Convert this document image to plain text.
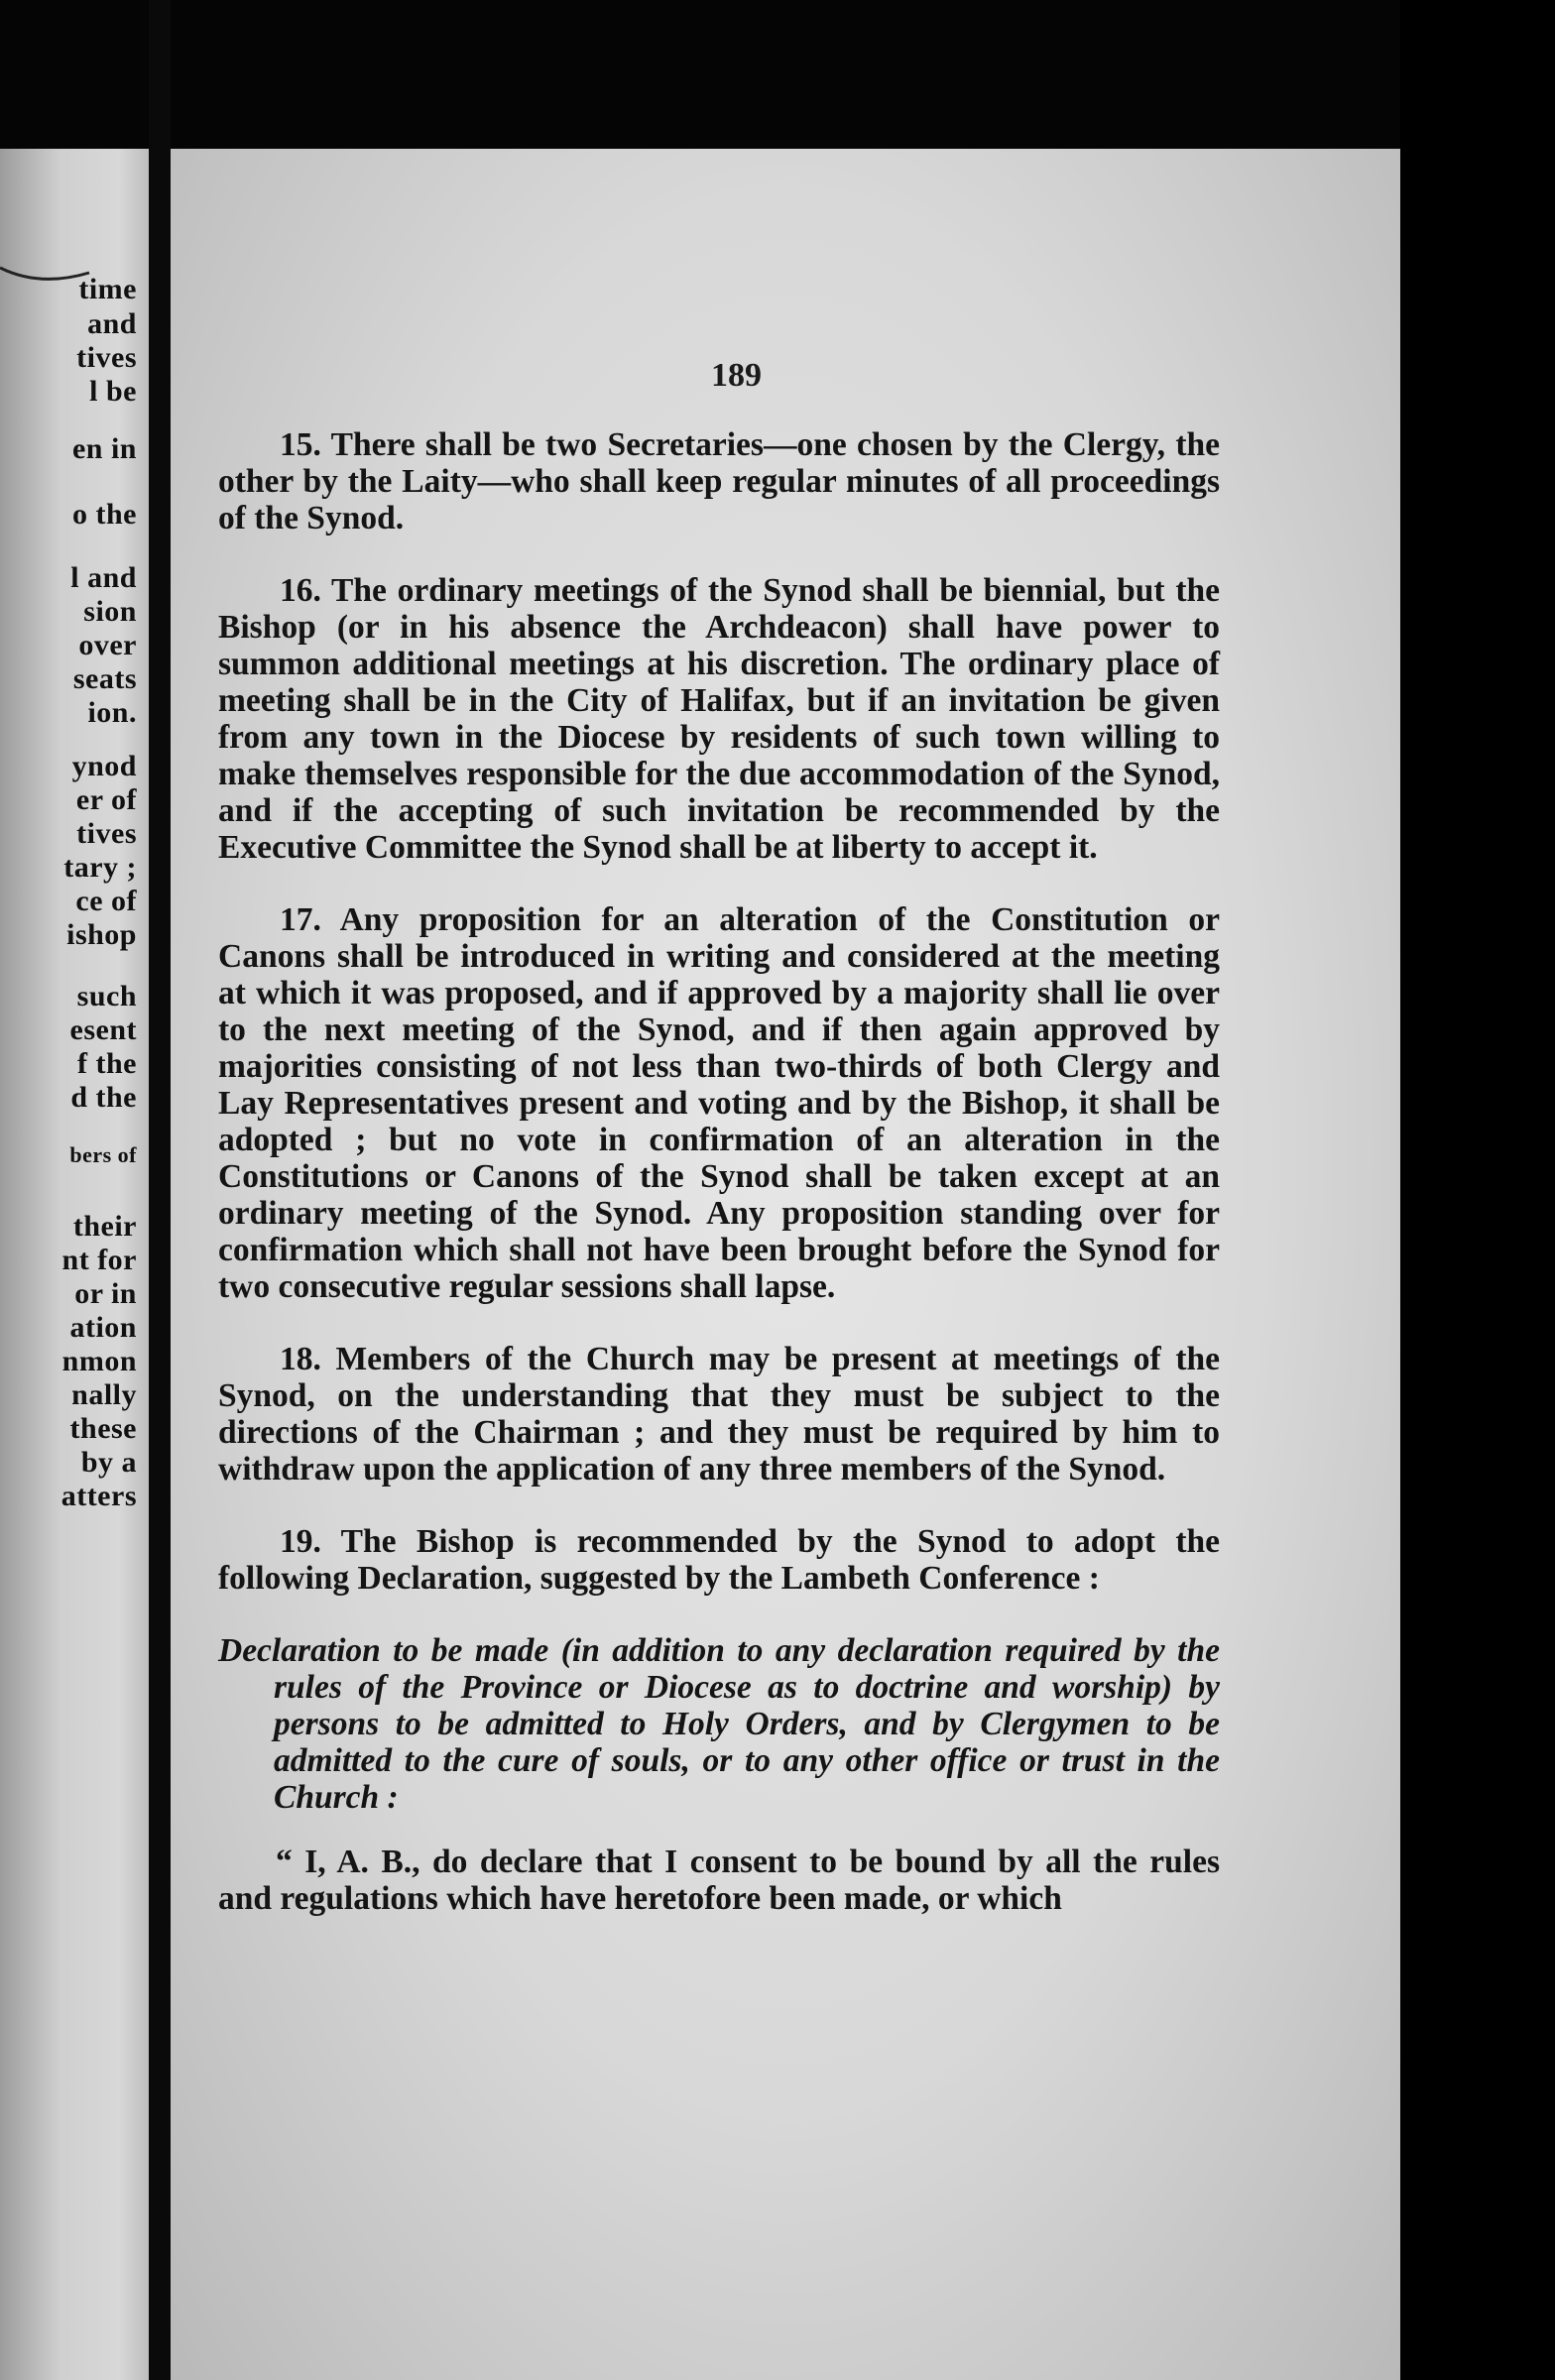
time
and
tives
l be
en in
o the
l and
sion
over
seats
ion.
ynod
er of
tives
tary ;
ce of
ishop
such
esent
f the
d the
bers of
their
nt for
or in
ation
nmon
nally
these
by a
atters
189

15. There shall be two Secretaries—one chosen by the Clergy, the other by the Laity—who shall keep regular minutes of all proceedings of the Synod.

16. The ordinary meetings of the Synod shall be biennial, but the Bishop (or in his absence the Archdeacon) shall have power to summon additional meetings at his discretion. The ordinary place of meeting shall be in the City of Halifax, but if an invitation be given from any town in the Diocese by residents of such town willing to make themselves responsible for the due accommodation of the Synod, and if the accepting of such invitation be recommended by the Executive Committee the Synod shall be at liberty to accept it.

17. Any proposition for an alteration of the Constitution or Canons shall be introduced in writing and considered at the meeting at which it was proposed, and if approved by a majority shall lie over to the next meeting of the Synod, and if then again approved by majorities consisting of not less than two-thirds of both Clergy and Lay Representatives present and voting and by the Bishop, it shall be adopted ; but no vote in confirmation of an alteration in the Constitutions or Canons of the Synod shall be taken except at an ordinary meeting of the Synod. Any proposition standing over for confirmation which shall not have been brought before the Synod for two consecutive regular sessions shall lapse.

18. Members of the Church may be present at meetings of the Synod, on the understanding that they must be subject to the directions of the Chairman ; and they must be required by him to withdraw upon the application of any three members of the Synod.

19. The Bishop is recommended by the Synod to adopt the following Declaration, suggested by the Lambeth Conference :

Declaration to be made (in addition to any declaration required by the rules of the Province or Diocese as to doctrine and worship) by persons to be admitted to Holy Orders, and by Clergymen to be admitted to the cure of souls, or to any other office or trust in the Church :

“ I, A. B., do declare that I consent to be bound by all the rules and regulations which have heretofore been made, or which
